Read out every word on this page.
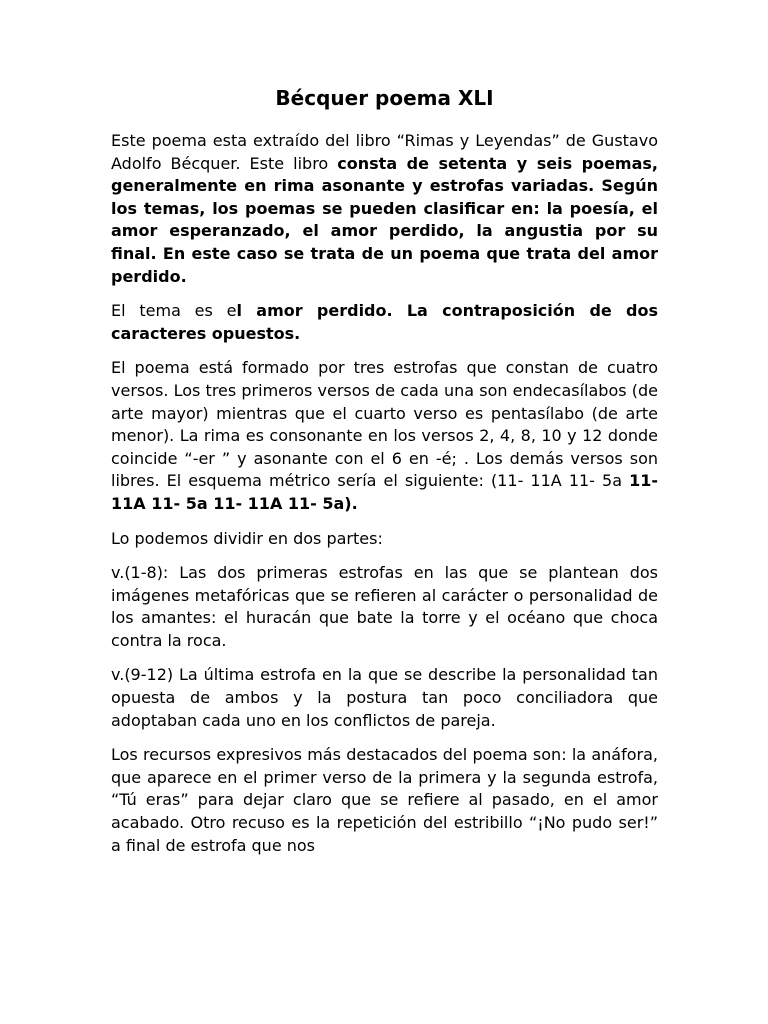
Bécquer poema XLI

Este poema esta extraído del libro “Rimas y Leyendas” de Gustavo Adolfo Bécquer. Este libro consta de setenta y seis poemas, generalmente en rima asonante y estrofas variadas. Según los temas, los poemas se pueden clasificar en: la poesía, el amor esperanzado, el amor perdido, la angustia por su final. En este caso se trata de un poema que trata del amor perdido.

El tema es el amor perdido. La contraposición de dos caracteres opuestos.

El poema está formado por tres estrofas que constan de cuatro versos. Los tres primeros versos de cada una son endecasílabos (de arte mayor) mientras que el cuarto verso es pentasílabo (de arte menor). La rima es consonante en los versos 2, 4, 8, 10 y 12 donde coincide “-er ” y asonante con el 6 en -é; . Los demás versos son libres. El esquema métrico sería el siguiente: (11- 11A 11- 5a 11- 11A 11- 5a 11- 11A 11- 5a).

Lo podemos dividir en dos partes:

v.(1-8): Las dos primeras estrofas en las que se plantean dos imágenes metafóricas que se refieren al carácter o personalidad de los amantes: el huracán que bate la torre y el océano que choca contra la roca.

v.(9-12) La última estrofa en la que se describe la personalidad tan opuesta de ambos y la postura tan poco conciliadora que adoptaban cada uno en los conflictos de pareja.

Los recursos expresivos más destacados del poema son: la anáfora, que aparece en el primer verso de la primera y la segunda estrofa, “Tú eras” para dejar claro que se refiere al pasado, en el amor acabado. Otro recuso es la repetición del estribillo “¡No pudo ser!” a final de estrofa que nos
